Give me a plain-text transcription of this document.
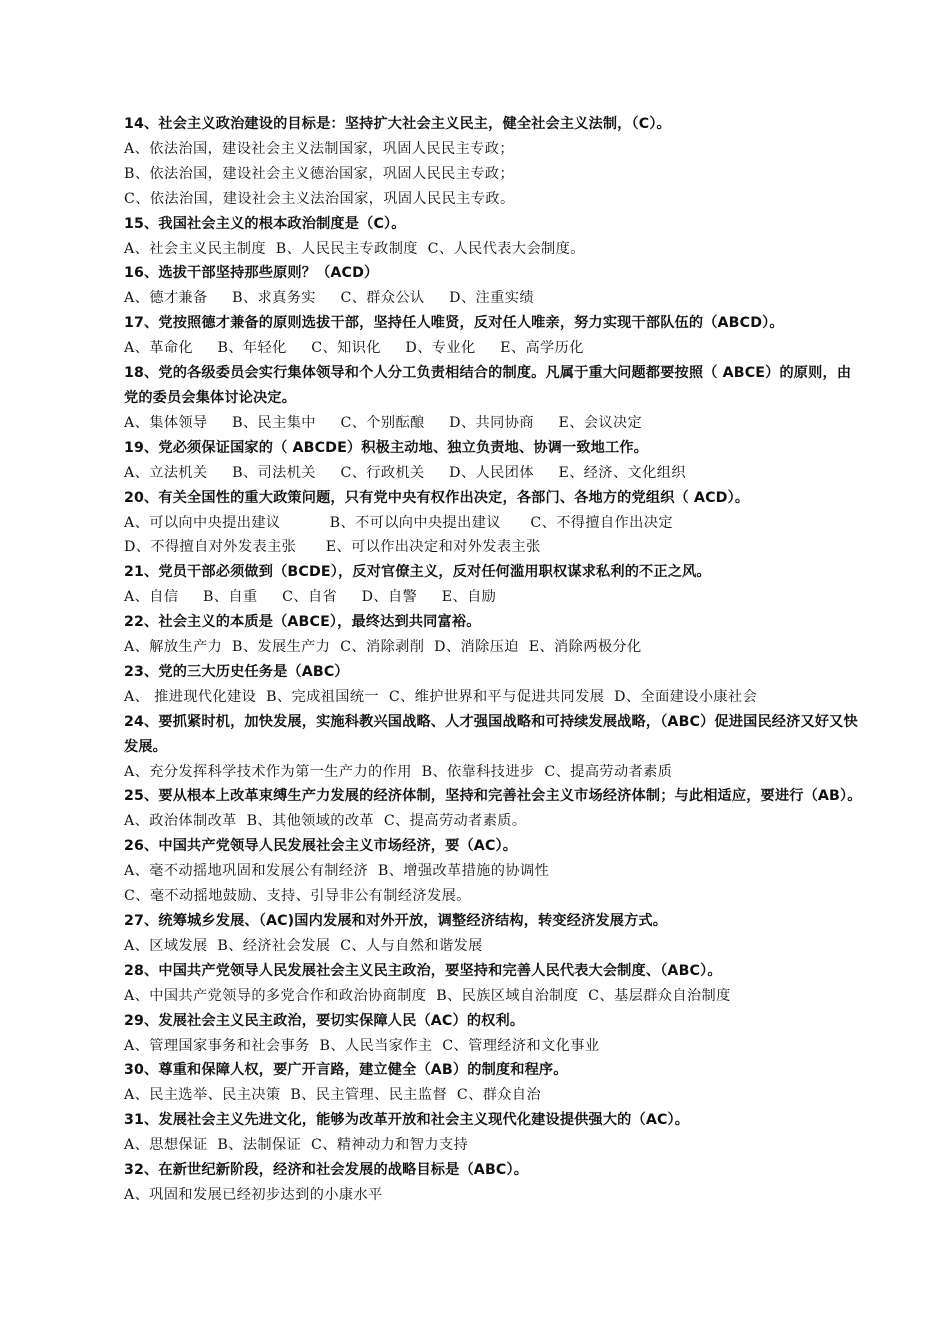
14、社会主义政治建设的目标是：坚持扩大社会主义民主，健全社会主义法制，（C）。
A、依法治国，建设社会主义法制国家，巩固人民民主专政；
B、依法治国，建设社会主义德治国家，巩固人民民主专政；
C、依法治国，建设社会主义法治国家，巩固人民民主专政。
15、我国社会主义的根本政治制度是（C）。
A、社会主义民主制度  B、人民民主专政制度  C、人民代表大会制度。
16、选拔干部坚持那些原则？（ACD）
A、德才兼备     B、求真务实     C、群众公认     D、注重实绩
17、党按照德才兼备的原则选拔干部，坚持任人唯贤，反对任人唯亲，努力实现干部队伍的（ABCD）。
A、革命化     B、年轻化     C、知识化     D、专业化     E、高学历化
18、党的各级委员会实行集体领导和个人分工负责相结合的制度。凡属于重大问题都要按照（ ABCE）的原则，由党的委员会集体讨论决定。
A、集体领导     B、民主集中     C、个别酝酿     D、共同协商     E、会议决定
19、党必须保证国家的（ ABCDE）积极主动地、独立负责地、协调一致地工作。
A、立法机关     B、司法机关     C、行政机关     D、人民团体     E、经济、文化组织
20、有关全国性的重大政策问题，只有党中央有权作出决定，各部门、各地方的党组织（ ACD）。
A、可以向中央提出建议          B、不可以向中央提出建议      C、不得擅自作出决定
D、不得擅自对外发表主张      E、可以作出决定和对外发表主张
21、党员干部必须做到（BCDE），反对官僚主义，反对任何滥用职权谋求私利的不正之风。
A、自信     B、自重     C、自省     D、自警     E、自励
22、社会主义的本质是（ABCE），最终达到共同富裕。
A、解放生产力  B、发展生产力  C、消除剥削  D、消除压迫  E、消除两极分化
23、党的三大历史任务是（ABC）
A、 推进现代化建设  B、完成祖国统一  C、维护世界和平与促进共同发展  D、全面建设小康社会
24、要抓紧时机，加快发展，实施科教兴国战略、人才强国战略和可持续发展战略，（ABC）促进国民经济又好又快发展。
A、充分发挥科学技术作为第一生产力的作用  B、依靠科技进步  C、提高劳动者素质
25、要从根本上改革束缚生产力发展的经济体制，坚持和完善社会主义市场经济体制；与此相适应，要进行（AB）。
A、政治体制改革  B、其他领域的改革  C、提高劳动者素质。
26、中国共产党领导人民发展社会主义市场经济，要（AC）。
A、毫不动摇地巩固和发展公有制经济  B、增强改革措施的协调性
C、毫不动摇地鼓励、支持、引导非公有制经济发展。
27、统筹城乡发展、（AC)国内发展和对外开放，调整经济结构，转变经济发展方式。
A、区域发展  B、经济社会发展  C、人与自然和谐发展
28、中国共产党领导人民发展社会主义民主政治，要坚持和完善人民代表大会制度、（ABC）。
A、中国共产党领导的多党合作和政治协商制度  B、民族区域自治制度  C、基层群众自治制度
29、发展社会主义民主政治，要切实保障人民（AC）的权利。
A、管理国家事务和社会事务  B、人民当家作主  C、管理经济和文化事业
30、尊重和保障人权，要广开言路，建立健全（AB）的制度和程序。
A、民主选举、民主决策  B、民主管理、民主监督  C、群众自治
31、发展社会主义先进文化，能够为改革开放和社会主义现代化建设提供强大的（AC）。
A、思想保证  B、法制保证  C、精神动力和智力支持
32、在新世纪新阶段，经济和社会发展的战略目标是（ABC）。
A、巩固和发展已经初步达到的小康水平
